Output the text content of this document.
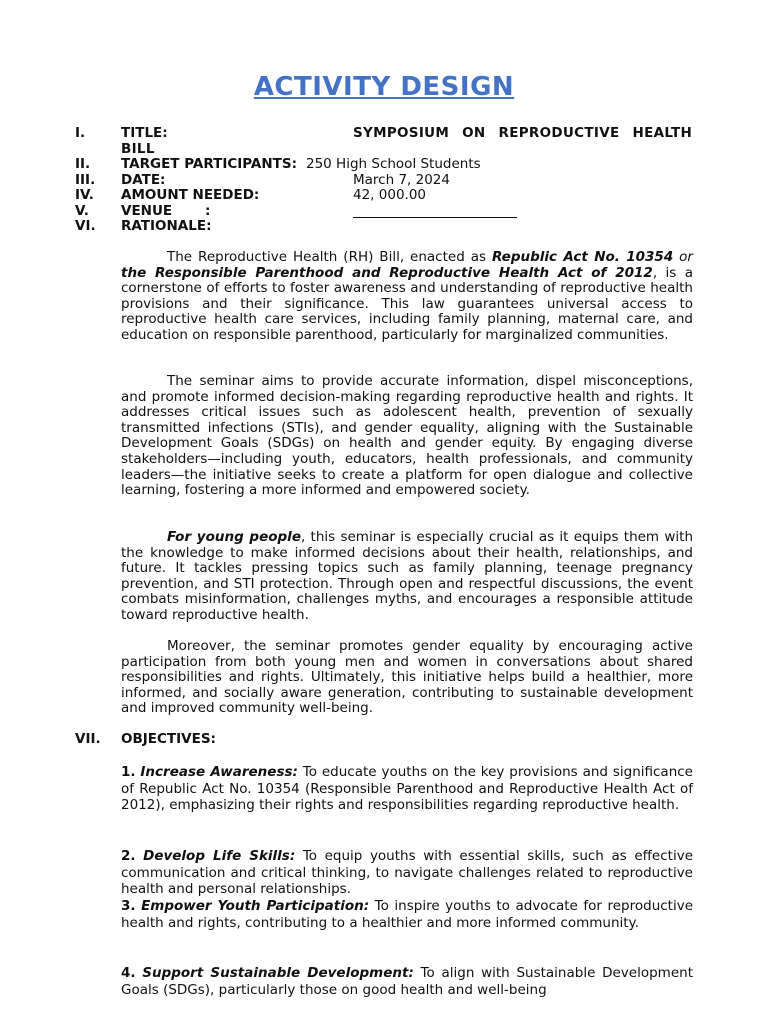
ACTIVITY DESIGN
I.	TITLE:	SYMPOSIUM ON REPRODUCTIVE HEALTH BILL
II. TARGET PARTICIPANTS: 250 High School Students
III. DATE:	March 7, 2024
IV. AMOUNT NEEDED:	42, 000.00
V. VENUE       :
VI. RATIONALE:
The Reproductive Health (RH) Bill, enacted as Republic Act No. 10354 or the Responsible Parenthood and Reproductive Health Act of 2012, is a cornerstone of efforts to foster awareness and understanding of reproductive health provisions and their significance. This law guarantees universal access to reproductive health care services, including family planning, maternal care, and education on responsible parenthood, particularly for marginalized communities.
The seminar aims to provide accurate information, dispel misconceptions, and promote informed decision-making regarding reproductive health and rights. It addresses critical issues such as adolescent health, prevention of sexually transmitted infections (STIs), and gender equality, aligning with the Sustainable Development Goals (SDGs) on health and gender equity. By engaging diverse stakeholders—including youth, educators, health professionals, and community leaders—the initiative seeks to create a platform for open dialogue and collective learning, fostering a more informed and empowered society.
For young people, this seminar is especially crucial as it equips them with the knowledge to make informed decisions about their health, relationships, and future. It tackles pressing topics such as family planning, teenage pregnancy prevention, and STI protection. Through open and respectful discussions, the event combats misinformation, challenges myths, and encourages a responsible attitude toward reproductive health.
Moreover, the seminar promotes gender equality by encouraging active participation from both young men and women in conversations about shared responsibilities and rights. Ultimately, this initiative helps build a healthier, more informed, and socially aware generation, contributing to sustainable development and improved community well-being.
VII. OBJECTIVES:
1. Increase Awareness: To educate youths on the key provisions and significance of Republic Act No. 10354 (Responsible Parenthood and Reproductive Health Act of 2012), emphasizing their rights and responsibilities regarding reproductive health.
2. Develop Life Skills: To equip youths with essential skills, such as effective communication and critical thinking, to navigate challenges related to reproductive health and personal relationships.
3. Empower Youth Participation: To inspire youths to advocate for reproductive health and rights, contributing to a healthier and more informed community.
4. Support Sustainable Development: To align with Sustainable Development Goals (SDGs), particularly those on good health and well-being
